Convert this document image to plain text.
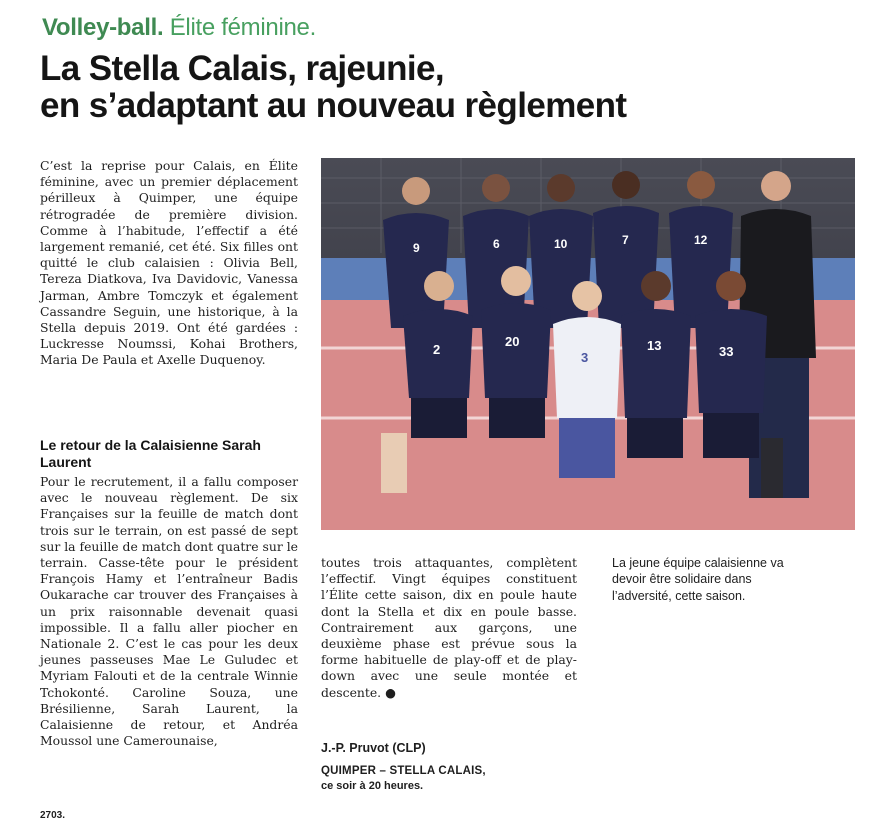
Volley-ball. Élite féminine.
La Stella Calais, rajeunie,
en s’adaptant au nouveau règlement

C’est la reprise pour Calais, en Élite féminine, avec un premier déplacement périlleux à Quimper, une équipe rétrogradée de première division. Comme à l’habitude, l’effectif a été largement remanié, cet été. Six filles ont quitté le club calaisien : Olivia Bell, Tereza Diatkova, Iva Davidovic, Vanessa Jarman, Ambre Tomczyk et également Cassandre Seguin, une historique, à la Stella depuis 2019. Ont été gardées : Luckresse Noumssi, Kohai Brothers, Maria De Paula et Axelle Duquenoy.

Le retour de la Calaisienne Sarah Laurent

Pour le recrutement, il a fallu composer avec le nouveau règlement. De six Françaises sur la feuille de match dont trois sur le terrain, on est passé de sept sur la feuille de match dont quatre sur le terrain. Casse-tête pour le président François Hamy et l’entraîneur Badis Oukarache car trouver des Françaises à un prix raisonnable devenait quasi impossible. Il a fallu aller piocher en Nationale 2. C’est le cas pour les deux jeunes passeuses Mae Le Guludec et Myriam Falouti et de la centrale Winnie Tchokonté. Caroline Souza, une Brésilienne, Sarah Laurent, la Calaisienne de retour, et Andréa Moussol une Camerounaise,

toutes trois attaquantes, complètent l’effectif. Vingt équipes constituent l’Élite cette saison, dix en poule haute dont la Stella et dix en poule basse. Contrairement aux garçons, une deuxième phase est prévue sous la forme habituelle de play-off et de play-down avec une seule montée et descente. ●

J.-P. Pruvot (CLP)
QUIMPER – STELLA CALAIS,
ce soir à 20 heures.
La jeune équipe calaisienne va devoir être solidaire dans l’adversité, cette saison.
2703.
9	6	10	7	12
2
20
3
13	33
